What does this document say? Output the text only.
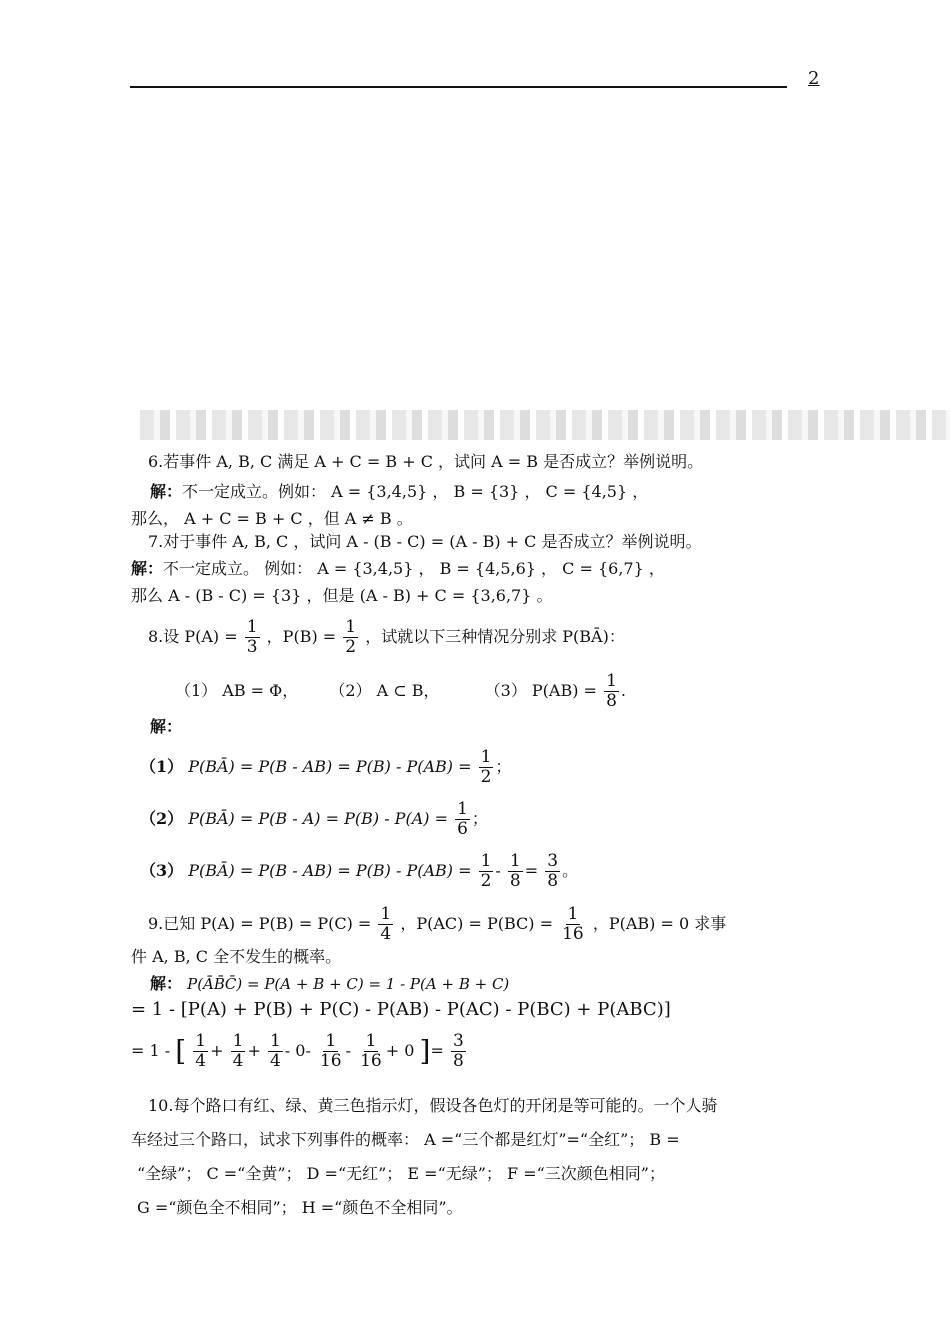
2
6.若事件 A, B, C 满足 A + C = B + C ，试问 A = B 是否成立？举例说明。
解：不一定成立。例如： A = {3,4,5} ， B = {3} ， C = {4,5} ，
那么， A + C = B + C ，但 A ≠ B 。
7.对于事件 A, B, C ，试问 A - (B - C) = (A - B) + C 是否成立？举例说明。
解：不一定成立。 例如： A = {3,4,5} ， B = {4,5,6} ， C = {6,7} ，
那么 A - (B - C) = {3} ，但是 (A - B) + C = {3,6,7} 。
8.设 $P(A) = \frac{1}{3}$ ，$P(B) = \frac{1}{2}$ ，试就以下三种情况分别求 P(BĀ)：
（1） AB = Φ， （2） A ⊂ B，	（3） $P(AB) = \frac{1}{8}$ .
解：
（1） P(BĀ) = $P(B - AB) = P(B) - P(AB) = \frac{1}{2}$ ；
（2） P(BĀ) = $P(B - A) = P(B) - P(A) = \frac{1}{6}$ ；
（3） P(BĀ) = $P(B - AB) = P(B) - P(AB) = \frac{1}{2} - \frac{1}{8} = \frac{3}{8}$ 。
9.已知 $P(A) = P(B) = P(C) = \frac{1}{4}$ ，$P(AC) = P(BC) = \frac{1}{16}$ ，P(AB) = 0 求事
件 A, B, C 全不发生的概率。
解： P(ĀB̄C̄) = P(A + B + C) = 1 - P(A + B + C)
= 1 - [P(A) + P(B) + P(C) - P(AB) - P(AC) - P(BC) + P(ABC)]
= 1 - [ $\frac{1}{4} + \frac{1}{4} + \frac{1}{4} - 0- \frac{1}{16} - \frac{1}{16} + 0$ ]= $\frac{3}{8}$
10.每个路口有红、绿、黄三色指示灯，假设各色灯的开闭是等可能的。一个人骑
车经过三个路口，试求下列事件的概率： A =“三个都是红灯”=“全红”； B =
“全绿”； C =“全黄”； D =“无红”； E =“无绿”； F =“三次颜色相同”；
G =“颜色全不相同”； H =“颜色不全相同”。
